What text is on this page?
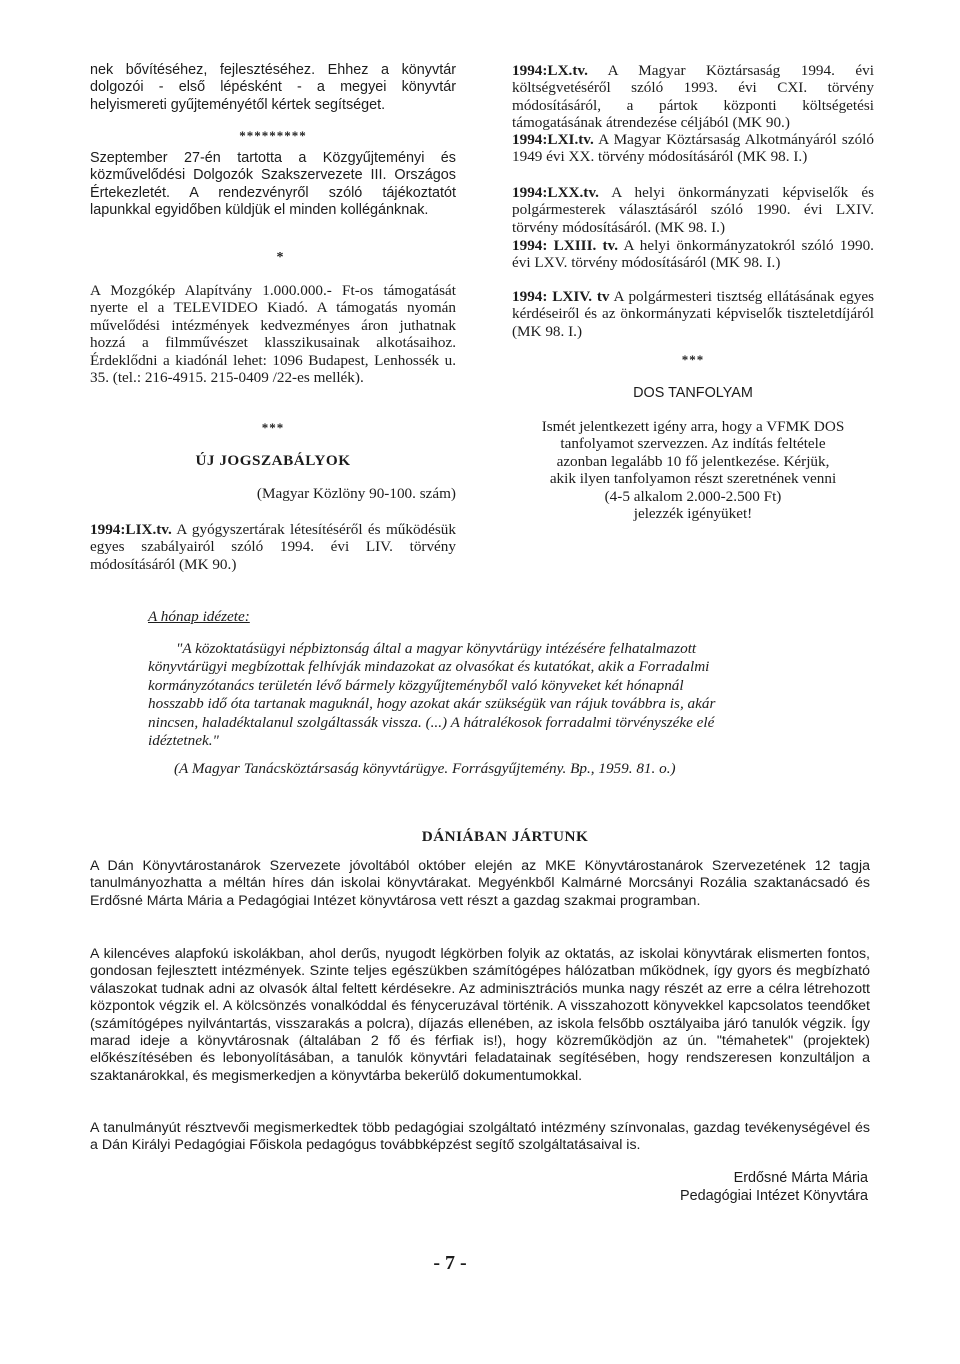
nek bővítéséhez, fejlesztéséhez. Ehhez a könyvtár dolgozói - első lépésként - a megyei könyvtár helyismereti gyűjteményétől kértek segítséget.

*********

Szeptember 27-én tartotta a Közgyűjteményi és közművelődési Dolgozók Szakszervezete III. Országos Értekezletét. A rendezvényről szóló tájékoztatót lapunkkal egyidőben küldjük el minden kollégánknak.

*

A Mozgókép Alapítvány 1.000.000.- Ft-os támogatását nyerte el a TELEVIDEO Kiadó. A támogatás nyomán művelődési intézmények kedvezményes áron juthatnak hozzá a filmművészet klasszikusainak alkotásaihoz. Érdeklődni a kiadónál lehet: 1096 Budapest, Lenhossék u. 35. (tel.: 216-4915. 215-0409 /22-es mellék).

***
ÚJ JOGSZABÁLYOK
(Magyar Közlöny 90-100. szám)

1994:LIX.tv. A gyógyszertárak létesítéséről és működésük egyes szabályairól szóló 1994. évi LIV. törvény módosításáról (MK 90.)

1994:LX.tv. A Magyar Köztársaság 1994. évi költségvetéséről szóló 1993. évi CXI. törvény módosításáról, a pártok központi költségetési támogatásának átrendezése céljából (MK 90.)

1994:LXI.tv. A Magyar Köztársaság Alkotmányáról szóló 1949 évi XX. törvény módosításáról (MK 98. I.)

1994:LXX.tv. A helyi önkormányzati képviselők és polgármesterek választásáról szóló 1990. évi LXIV. törvény módosításáról. (MK 98. I.)

1994: LXIII. tv. A helyi önkormányzatokról szóló 1990. évi LXV. törvény módosításáról (MK 98. I.)

1994: LXIV. tv A polgármesteri tisztség ellátásának egyes kérdéseiről és az önkormányzati képviselők tiszteletdíjáról (MK 98. I.)

***
DOS TANFOLYAM
Ismét jelentkezett igény arra, hogy a VFMK DOS
tanfolyamot szervezzen. Az indítás feltétele
azonban legalább 10 fő jelentkezése. Kérjük,
akik ilyen tanfolyamon részt szeretnének venni
(4-5 alkalom 2.000-2.500 Ft)
jelezzék igényüket!
A hónap idézete:
"A közoktatásügyi népbiztonság által a magyar könyvtárügy intézésére felhatalmazott
könyvtárügyi megbízottak felhívják mindazokat az olvasókat és kutatókat, akik a Forradalmi
kormányzótanács területén lévő bármely közgyűjteményből való könyveket két hónapnál
hosszabb idő óta tartanak maguknál, hogy azokat akár szükségük van rájuk továbbra is, akár
nincsen, haladéktalanul szolgáltassák vissza. (...) A hátralékosok forradalmi törvényszéke elé
idéztetnek."
(A Magyar Tanácsköztársaság könyvtárügye. Forrásgyűjtemény. Bp., 1959. 81. o.)
DÁNIÁBAN JÁRTUNK

A Dán Könyvtárostanárok Szervezete jóvoltából október elején az MKE Könyvtárostanárok Szervezetének 12 tagja tanulmányozhatta a méltán híres dán iskolai könyvtárakat. Megyénkből Kalmárné Morcsányi Rozália szaktanácsadó és Erdősné Márta Mária a Pedagógiai Intézet könyvtárosa vett részt a gazdag szakmai programban.

A kilencéves alapfokú iskolákban, ahol derűs, nyugodt légkörben folyik az oktatás, az iskolai könyvtárak elismerten fontos, gondosan fejlesztett intézmények. Szinte teljes egészükben számítógépes hálózatban működnek, így gyors és megbízható válaszokat tudnak adni az olvasók által feltett kérdésekre. Az adminisztrációs munka nagy részét az erre a célra létrehozott központok végzik el. A kölcsönzés vonalkóddal és fényceruzával történik. A visszahozott könyvekkel kapcsolatos teendőket (számítógépes nyilvántartás, visszarakás a polcra), díjazás ellenében, az iskola felsőbb osztályaiba járó tanulók végzik. Így marad ideje a könyvtárosnak (általában 2 fő és férfiak is!), hogy közreműködjön az ún. "témahetek" (projektek) előkészítésében és lebonyolításában, a tanulók könyvtári feladatainak segítésében, hogy rendszeresen konzultáljon a szaktanárokkal, és megismerkedjen a könyvtárba bekerülő dokumentumokkal.

A tanulmányút résztvevői megismerkedtek több pedagógiai szolgáltató intézmény színvonalas, gazdag tevékenységével és a Dán Királyi Pedagógiai Főiskola pedagógus továbbképzést segítő szolgáltatásaival is.

Erdősné Márta Mária
Pedagógiai Intézet Könyvtára
- 7 -
